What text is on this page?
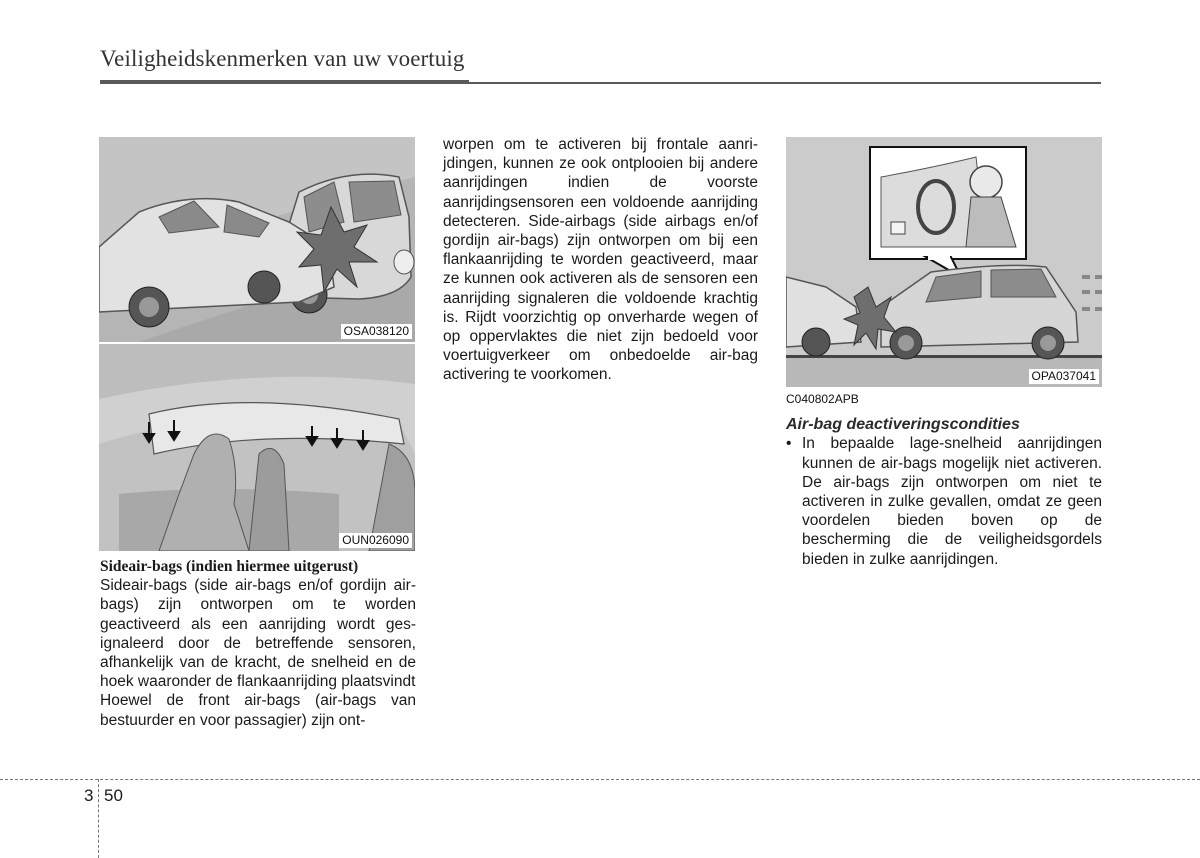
Veiligheidskenmerken van uw voertuig
OSA038120
OUN026090
Sideair-bags (indien hiermee uitgerust)

Sideair-bags (side air-bags en/of gordijn air-bags) zijn ontworpen om te worden geactiveerd als een aanrijding wordt gesignaleerd door de betreffende sensoren, afhankelijk van de kracht, de snelheid en de hoek waaronder de flankaanrijding plaatsvindt

Hoewel de front air-bags (air-bags van bestuurder en voor passagier) zijn ont-

worpen om te activeren bij frontale aanrijdingen, kunnen ze ook ontplooien bij andere aanrijdingen indien de voorste aanrijdingsensoren een voldoende aanrijding detecteren. Side-airbags (side airbags en/of gordijn air-bags) zijn ontworpen om bij een flankaanrijding te worden geactiveerd, maar ze kunnen ook activeren als de sensoren een aanrijding signaleren die voldoende krachtig is. Rijdt voorzichtig op onverharde wegen of op oppervlaktes die niet zijn bedoeld voor voertuigverkeer om onbedoelde air-bag activering te voorkomen.	OPA037041
C040802APB
Air-bag deactiveringscondities
• In bepaalde lage-snelheid aanrijdingen kunnen de air-bags mogelijk niet activeren. De air-bags zijn ontworpen om niet te activeren in zulke gevallen, omdat ze geen voordelen bieden boven op de bescherming die de veiligheidsgordels bieden in zulke aanrijdingen.

3 50
